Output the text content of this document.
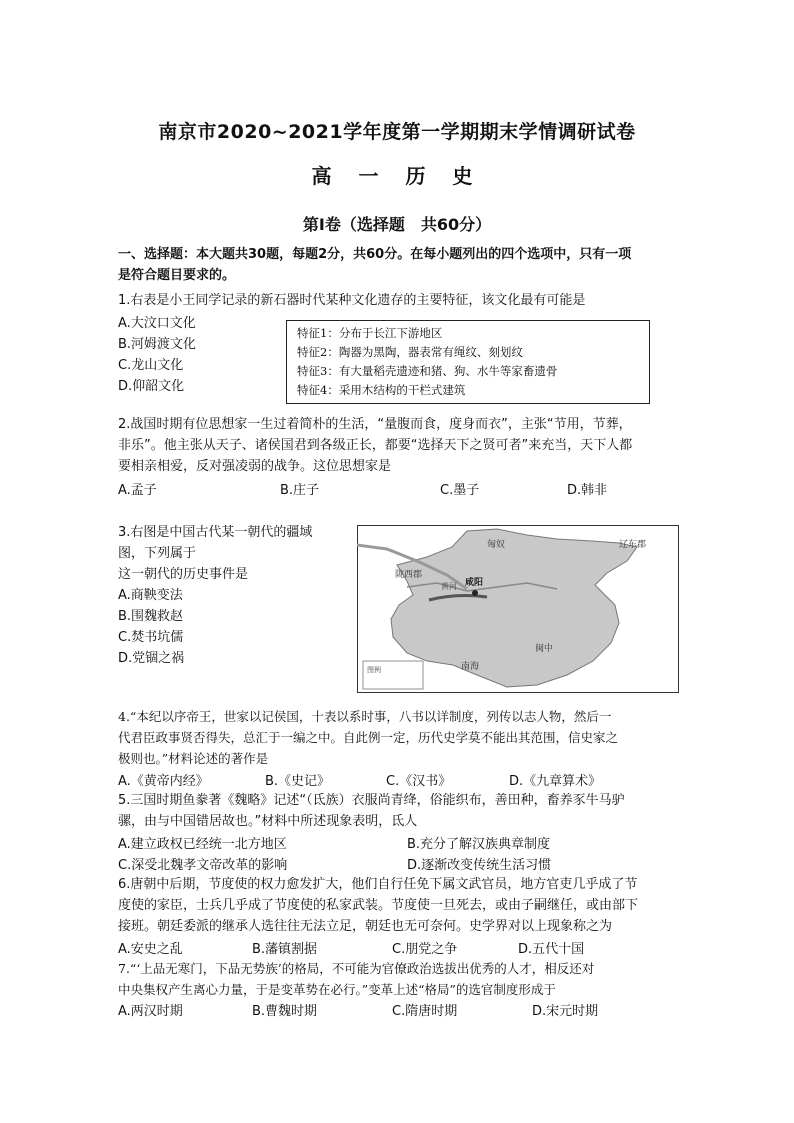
南京市2020~2021学年度第一学期期末学情调研试卷
高 一 历 史
第Ⅰ卷（选择题　共60分）
一、选择题：本大题共30题，每题2分，共60分。在每小题列出的四个选项中，只有一项
是符合题目要求的。
1.右表是小王同学记录的新石器时代某种文化遗存的主要特征，该文化最有可能是
A.大汶口文化
B.河姆渡文化
C.龙山文化
D.仰韶文化
特征1：分布于长江下游地区
特征2：陶器为黑陶，器表常有绳纹、刻划纹
特征3：有大量稻壳遗迹和猪、狗、水牛等家畜遗骨
特征4：采用木结构的干栏式建筑
2.战国时期有位思想家一生过着简朴的生活，“量腹而食，度身而衣”，主张“节用，节葬，
非乐”。他主张从天子、诸侯国君到各级正长，都要“选择天下之贤可者”来充当，天下人都
要相亲相爱，反对强凌弱的战争。这位思想家是
A.孟子	B.庄子	C.墨子	D.韩非
3.右图是中国古代某一朝代的疆域
图，下列属于
这一朝代的历史事件是
A.商鞅变法
B.围魏救赵
C.焚书坑儒
D.党锢之祸
匈奴	辽东郡
陇西郡
咸阳
黄河
南海
闽中
图例
4.“本纪以序帝王，世家以记侯国，十表以系时事，八书以详制度，列传以志人物，然后一
代君臣政事贤否得失，总汇于一编之中。自此例一定，历代史学莫不能出其范围，信史家之
极则也。”材料论述的著作是
A.《黄帝内经》	B.《史记》	C.《汉书》	D.《九章算术》
5.三国时期鱼豢著《魏略》记述“（氐族）衣服尚青绛，俗能织布，善田种，畜养豕牛马驴
骡，由与中国错居故也。”材料中所述现象表明，氐人
A.建立政权已经统一北方地区	B.充分了解汉族典章制度
C.深受北魏孝文帝改革的影响	D.逐渐改变传统生活习惯
6.唐朝中后期，节度使的权力愈发扩大，他们自行任免下属文武官员，地方官吏几乎成了节
度使的家臣，士兵几乎成了节度使的私家武装。节度使一旦死去，或由子嗣继任，或由部下
接班。朝廷委派的继承人选往往无法立足，朝廷也无可奈何。史学界对以上现象称之为
A.安史之乱	B.藩镇割据	C.朋党之争	D.五代十国
7.“‘上品无寒门，下品无势族’的格局，不可能为官僚政治选拔出优秀的人才，相反还对
中央集权产生离心力量，于是变革势在必行。”变革上述“格局”的选官制度形成于
A.两汉时期	B.曹魏时期	C.隋唐时期	D.宋元时期
